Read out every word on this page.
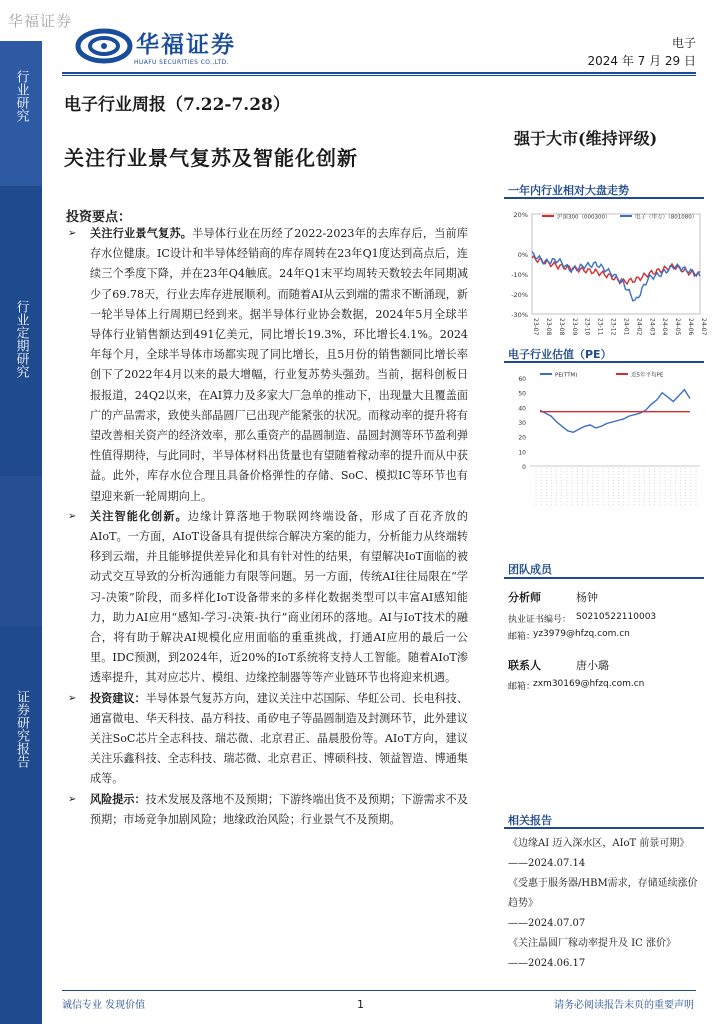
华福证券
华福证券
HUAFU SECURITIES CO.,LTD.
电子
2024 年 7 月 29 日
行业研究
行业定期研究
证券研究报告
电子行业周报（7.22-7.28）
关注行业景气复苏及智能化创新
强于大市(维持评级)
一年内行业相对大盘走势
20%
0%
-10%
-20%
-30%
23-07 23-08 23-08 23-09 23-10 23-11 23-12 24-01 24-02 24-03 24-04 24-05 24-06 24-07
沪深300（000300）	电子（申万）（801080）
电子行业估值（PE）
60
50
40
30
20
10
0
PE(TTM)	近5年平均PE
投资要点：
➢ 关注行业景气复苏。半导体行业在历经了2022-2023年的去库存后，当前库存水位健康。IC设计和半导体经销商的库存周转在23年Q1度达到高点后，连续三个季度下降，并在23年Q4触底。24年Q1末平均周转天数较去年同期减少了69.78天，行业去库存进展顺利。而随着AI从云到端的需求不断涌现，新一轮半导体上行周期已经到来。据半导体行业协会数据，2024年5月全球半导体行业销售额达到491亿美元，同比增长19.3%，环比增长4.1%。2024年每个月，全球半导体市场都实现了同比增长，且5月份的销售额同比增长率创下了2022年4月以来的最大增幅，行业复苏势头强劲。当前，据科创板日报报道，24Q2以来，在AI算力及多家大厂急单的推动下，出现量大且覆盖面广的产品需求，致使头部晶圆厂已出现产能紧张的状况。而稼动率的提升将有望改善相关资产的经济效率，那么重资产的晶圆制造、晶圆封测等环节盈利弹性值得期待，与此同时，半导体材料出货量也有望随着稼动率的提升而从中获益。此外，库存水位合理且具备价格弹性的存储、SoC、模拟IC等环节也有望迎来新一轮周期向上。
➢ 关注智能化创新。边缘计算落地于物联网终端设备，形成了百花齐放的AIoT。一方面，AIoT设备具有提供综合解决方案的能力，分析能力从终端转移到云端，并且能够提供差异化和具有针对性的结果，有望解决IoT面临的被动式交互导致的分析沟通能力有限等问题。另一方面，传统AI往往局限在“学习-决策”阶段，而多样化IoT设备带来的多样化数据类型可以丰富AI感知能力，助力AI应用“感知-学习-决策-执行”商业闭环的落地。AI与IoT技术的融合，将有助于解决AI规模化应用面临的重重挑战，打通AI应用的最后一公里。IDC预测，到2024年，近20%的IoT系统将支持人工智能。随着AIoT渗透率提升，其对应芯片、模组、边缘控制器等等产业链环节也将迎来机遇。
➢ 投资建议：半导体景气复苏方向，建议关注中芯国际、华虹公司、长电科技、通富微电、华天科技、晶方科技、甬矽电子等晶圆制造及封测环节，此外建议关注SoC芯片全志科技、瑞芯微、北京君正、晶晨股份等。AIoT方向，建议关注乐鑫科技、全志科技、瑞芯微、北京君正、博硕科技、领益智造、博通集成等。
➢ 风险提示：技术发展及落地不及预期；下游终端出货不及预期；下游需求不及预期；市场竞争加剧风险；地缘政治风险；行业景气不及预期。
团队成员
分析师	杨钟
执业证书编号： S0210522110003
邮箱：
yz3979@hfzq.com.cn
联系人	唐小璐
邮箱：
zxm30169@hfzq.com.cn
相关报告
《边缘AI 迈入深水区，AIoT 前景可期》
——2024.07.14
《受惠于服务器/HBM需求，存储延续涨价趋势》
——2024.07.07
《关注晶圆厂稼动率提升及 IC 涨价》
——2024.06.17
诚信专业 发现价值	1	请务必阅读报告末页的重要声明
